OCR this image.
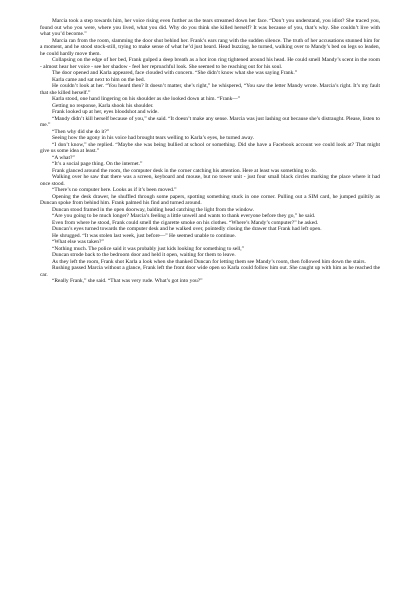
Marcia took a step towards him, her voice rising even further as the tears streamed down her face. “Don’t you understand, you idiot? She traced you, found out who you were, where you lived, what you did. Why do you think she killed herself? It was because of you, that’s why. She couldn’t live with what you’d become.”

Marcia ran from the room, slamming the door shut behind her. Frank’s ears rang with the sudden silence. The truth of her accusations stunned him for a moment, and he stood stock-still, trying to make sense of what he’d just heard. Head buzzing, he turned, walking over to Mandy’s bed on legs so leaden, he could hardly move them.

Collapsing on the edge of her bed, Frank gulped a deep breath as a hot iron ring tightened around his head. He could smell Mandy’s scent in the room - almost hear her voice - see her shadow - feel her reproachful look. She seemed to be reaching out for his soul.

The door opened and Karla appeared, face clouded with concern. “She didn’t know what she was saying Frank.”

Karla came and sat next to him on the bed.

He couldn’t look at her. “You heard then? It doesn’t matter, she’s right,” he whispered, “You saw the letter Mandy wrote. Marcia’s right. It’s my fault that she killed herself.”

Karla stood, one hand lingering on his shoulder as she looked down at him. “Frank—”

Getting no response, Karla shook his shoulder.

Frank looked up at her, eyes bloodshot and wide.

“Mandy didn’t kill herself because of you,” she said. “It doesn’t make any sense. Marcia was just lashing out because she’s distraught. Please, listen to me.”

“Then why did she do it?”

Seeing how the agony in his voice had brought tears welling to Karla’s eyes, he turned away.

“I don’t know,” she replied. “Maybe she was being bullied at school or something. Did she have a Facebook account we could look at? That might give us some idea at least.”

“A what?”

“It’s a social page thing. On the internet.”

Frank glanced around the room, the computer desk in the corner catching his attention. Here at least was something to do.

Walking over he saw that there was a screen, keyboard and mouse, but no tower unit - just four small black circles marking the place where it had once stood.

“There’s no computer here. Looks as if it’s been moved.”

Opening the desk drawer, he shuffled through some papers, spotting something stuck in one corner. Pulling out a SIM card, he jumped guiltily as Duncan spoke from behind him. Frank palmed his find and turned around.

Duncan stood framed in the open doorway, balding head catching the light from the window.

“Are you going to be much longer? Marcia’s feeling a little unwell and wants to thank everyone before they go,” he said.

Even from where he stood, Frank could smell the cigarette smoke on his clothes. “Where’s Mandy’s computer?” he asked.

Duncan’s eyes turned towards the computer desk and he walked over, pointedly closing the drawer that Frank had left open.

He shrugged. “It was stolen last week, just before—” He seemed unable to continue.

“What else was taken?”

“Nothing much. The police said it was probably just kids looking for something to sell,”

Duncan strode back to the bedroom door and held it open, waiting for them to leave.

As they left the room, Frank shot Karla a look when she thanked Duncan for letting them see Mandy’s room, then followed him down the stairs.

Rushing passed Marcia without a glance, Frank left the front door wide open so Karla could follow him out. She caught up with him as he reached the car.

“Really Frank,” she said. “That was very rude. What’s got into you?”
